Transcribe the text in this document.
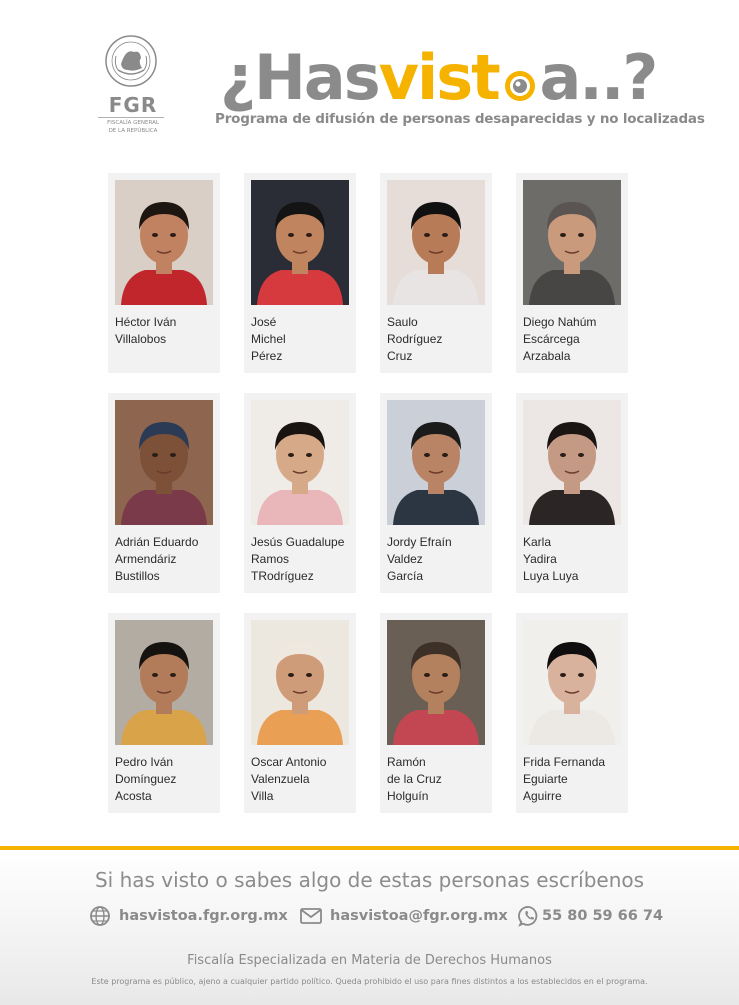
FGR
FISCALÍA GENERAL
DE LA REPÚBLICA
¿Hasvist a..?
Programa de difusión de personas desaparecidas y no localizadas
Héctor Iván
Villalobos
José
Michel
Pérez
Saulo
Rodríguez
Cruz
Diego Nahúm
Escárcega
Arzabala
Adrián Eduardo
Armendáriz
Bustillos
Jesús Guadalupe
Ramos
TRodríguez
Jordy Efraín
Valdez
García
Karla
Yadira
Luya Luya
Pedro Iván
Domínguez
Acosta
Oscar Antonio
Valenzuela
Villa
Ramón
de la Cruz
Holguín
Frida Fernanda
Eguiarte
Aguirre
Si has visto o sabes algo de estas personas escríbenos
hasvistoa.fgr.org.mx	hasvistoa@fgr.org.mx 55 80 59 66 74
Fiscalía Especializada en Materia de Derechos Humanos
Este programa es público, ajeno a cualquier partido político. Queda prohibido el uso para fines distintos a los establecidos en el programa.
